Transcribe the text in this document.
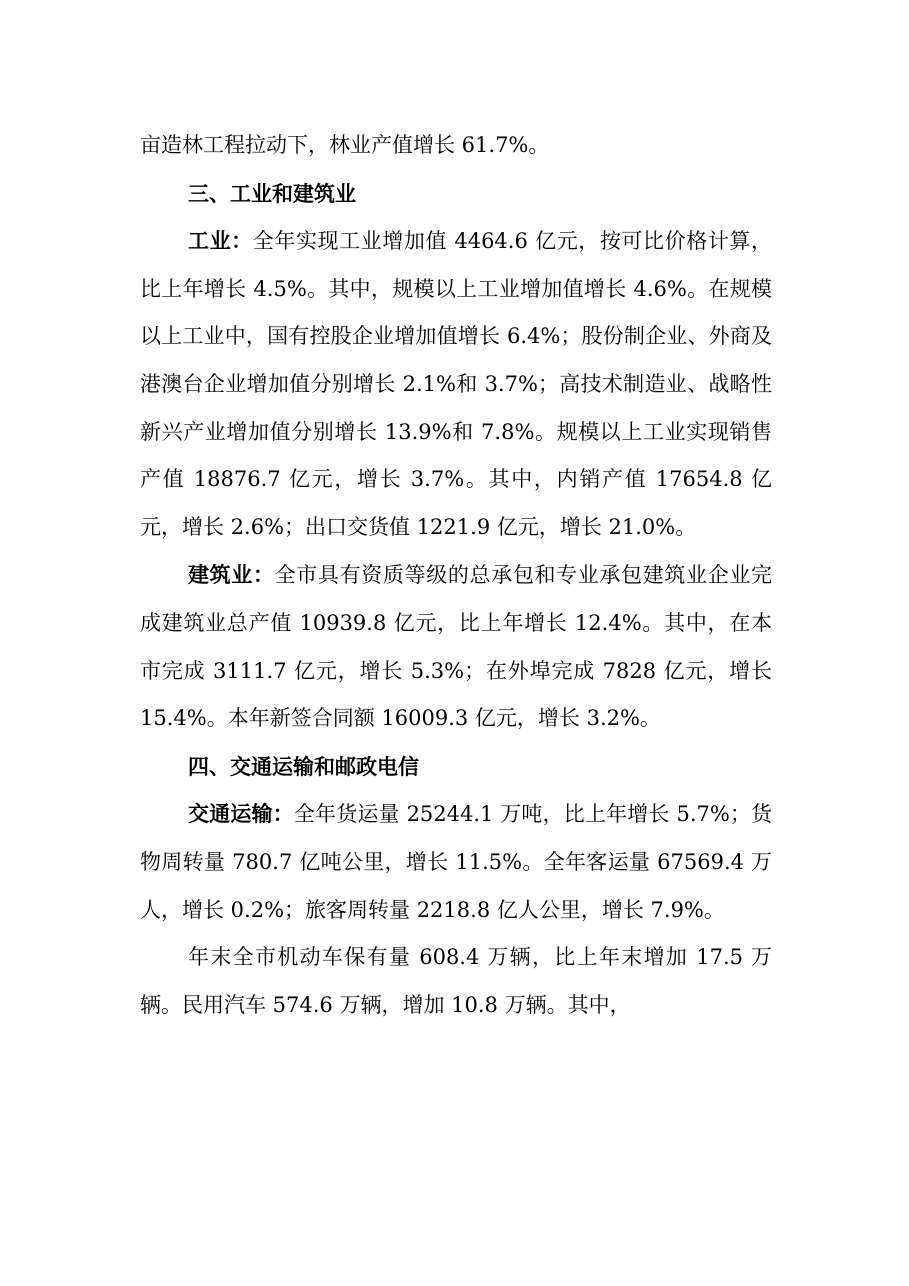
亩造林工程拉动下，林业产值增长 61.7%。

三、工业和建筑业

工业：全年实现工业增加值 4464.6 亿元，按可比价格计算，比上年增长 4.5%。其中，规模以上工业增加值增长 4.6%。在规模以上工业中，国有控股企业增加值增长 6.4%；股份制企业、外商及港澳台企业增加值分别增长 2.1%和 3.7%；高技术制造业、战略性新兴产业增加值分别增长 13.9%和 7.8%。规模以上工业实现销售产值 18876.7 亿元，增长 3.7%。其中，内销产值 17654.8 亿元，增长 2.6%；出口交货值 1221.9 亿元，增长 21.0%。

建筑业：全市具有资质等级的总承包和专业承包建筑业企业完成建筑业总产值 10939.8 亿元，比上年增长 12.4%。其中，在本市完成 3111.7 亿元，增长 5.3%；在外埠完成 7828 亿元，增长 15.4%。本年新签合同额 16009.3 亿元，增长 3.2%。

四、交通运输和邮政电信

交通运输：全年货运量 25244.1 万吨，比上年增长 5.7%；货物周转量 780.7 亿吨公里，增长 11.5%。全年客运量 67569.4 万人，增长 0.2%；旅客周转量 2218.8 亿人公里，增长 7.9%。

年末全市机动车保有量 608.4 万辆，比上年末增加 17.5 万辆。民用汽车 574.6 万辆，增加 10.8 万辆。其中，
